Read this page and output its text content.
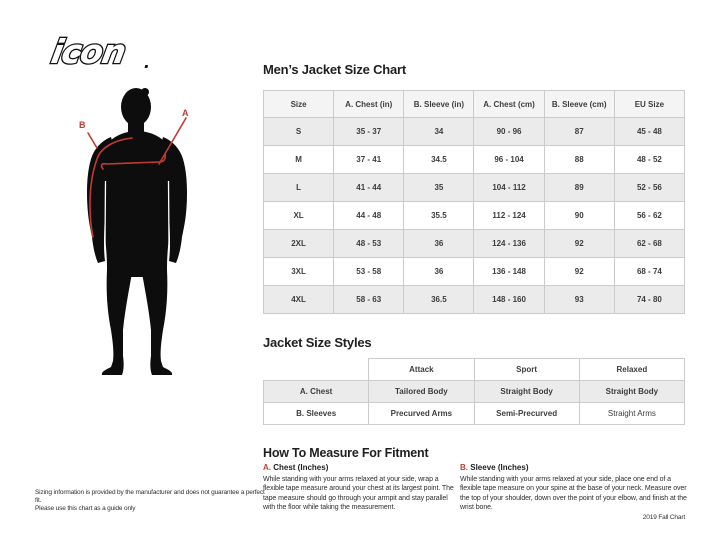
icon .
B
A
Men’s Jacket Size Chart
Size	A. Chest (in)	B. Sleeve (in)	A. Chest (cm)	B. Sleeve (cm)	EU Size
S	35 - 37	34	90 - 96	87	45 - 48
M	37 - 41	34.5	96 - 104	88	48 - 52
L	41 - 44	35	104 - 112	89	52 - 56
XL	44 - 48	35.5	112 - 124	90	56 - 62
2XL	48 - 53	36	124 - 136	92	62 - 68
3XL	53 - 58	36	136 - 148	92	68 - 74
4XL	58 - 63	36.5	148 - 160	93	74 - 80
Jacket Size Styles
	Attack	Sport	Relaxed
A. Chest	Tailored Body	Straight Body	Straight Body
B. Sleeves	Precurved Arms	Semi-Precurved	Straight Arms
How To Measure For Fitment
A. Chest (Inches)
While standing with your arms relaxed at your side, wrap a flexible tape measure around your chest at its largest point. The tape measure should go through your armpit and stay parallel with the floor while taking the measurement.
B. Sleeve (Inches)
While standing with your arms relaxed at your side, place one end of a flexible tape measure on your spine at the base of your neck. Measure over the top of your shoulder, down over the point of your elbow, and finish at the wrist bone.
Sizing information is provided by the manufacturer and does not guarantee a perfect fit.
Please use this chart as a guide only
2019 Fall Chart
